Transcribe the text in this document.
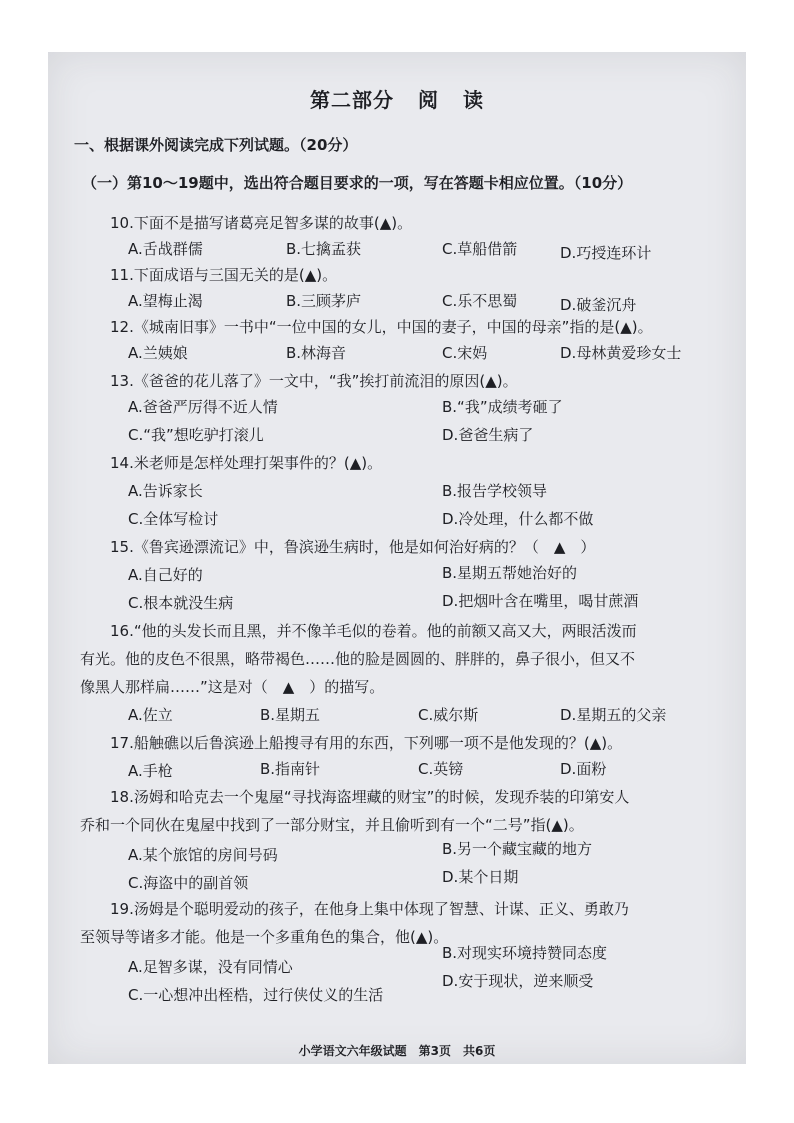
第二部分 阅 读
一、根据课外阅读完成下列试题。（20分）
（一）第10～19题中，选出符合题目要求的一项，写在答题卡相应位置。（10分）
10.下面不是描写诸葛亮足智多谋的故事(▲)。
A.舌战群儒	B.七擒孟获	C.草船借箭	D.巧授连环计
11.下面成语与三国无关的是(▲)。
A.望梅止渴	B.三顾茅庐	C.乐不思蜀	D.破釜沉舟
12.《城南旧事》一书中“一位中国的女儿，中国的妻子，中国的母亲”指的是(▲)。
A.兰姨娘	B.林海音	C.宋妈	D.母林黄爱珍女士
13.《爸爸的花儿落了》一文中，“我”挨打前流泪的原因(▲)。
A.爸爸严厉得不近人情	B.“我”成绩考砸了
C.“我”想吃驴打滚儿	D.爸爸生病了
14.米老师是怎样处理打架事件的？(▲)。
A.告诉家长	B.报告学校领导
C.全体写检讨	D.冷处理，什么都不做
15.《鲁宾逊漂流记》中，鲁滨逊生病时，他是如何治好病的？（　▲　）
A.自己好的	B.星期五帮她治好的
C.根本就没生病	D.把烟叶含在嘴里，喝甘蔗酒
16.“他的头发长而且黑，并不像羊毛似的卷着。他的前额又高又大，两眼活泼而
有光。他的皮色不很黑，略带褐色……他的脸是圆圆的、胖胖的，鼻子很小，但又不
像黑人那样扁……”这是对（　▲　）的描写。
A.佐立	B.星期五	C.威尔斯	D.星期五的父亲
17.船触礁以后鲁滨逊上船搜寻有用的东西，下列哪一项不是他发现的？(▲)。
A.手枪	B.指南针	C.英镑	D.面粉
18.汤姆和哈克去一个鬼屋“寻找海盗埋藏的财宝”的时候，发现乔装的印第安人
乔和一个同伙在鬼屋中找到了一部分财宝，并且偷听到有一个“二号”指(▲)。
A.某个旅馆的房间号码	B.另一个藏宝藏的地方
C.海盗中的副首领	D.某个日期
19.汤姆是个聪明爱动的孩子，在他身上集中体现了智慧、计谋、正义、勇敢乃
至领导等诸多才能。他是一个多重角色的集合，他(▲)。
A.足智多谋，没有同情心
B.对现实环境持赞同态度
C.一心想冲出桎梏，过行侠仗义的生活
D.安于现状，逆来顺受
小学语文六年级试题　第3页　共6页
